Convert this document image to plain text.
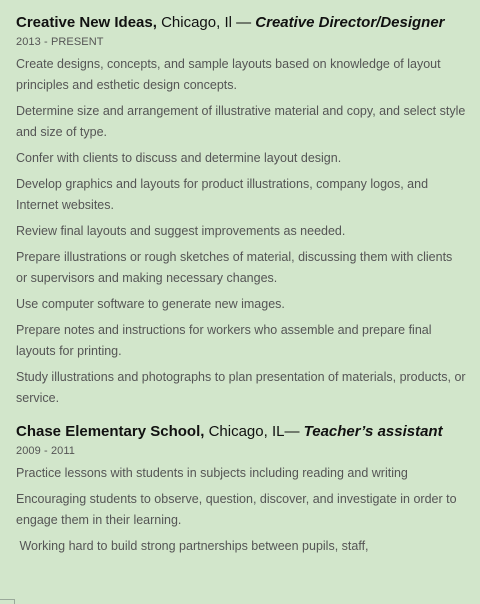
Creative New Ideas, Chicago, Il — Creative Director/Designer

2013 - PRESENT

Create designs, concepts, and sample layouts based on knowledge of layout principles and esthetic design concepts.

Determine size and arrangement of illustrative material and copy, and select style and size of type.

Confer with clients to discuss and determine layout design.

Develop graphics and layouts for product illustrations, company logos, and Internet websites.

Review final layouts and suggest improvements as needed.

Prepare illustrations or rough sketches of material, discussing them with clients or supervisors and making necessary changes.

Use computer software to generate new images.

Prepare notes and instructions for workers who assemble and prepare final layouts for printing.

Study illustrations and photographs to plan presentation of materials, products, or service.

Chase Elementary School, Chicago, IL— Teacher’s assistant

2009 - 2011

Practice lessons with students in subjects including reading and writing

Encouraging students to observe, question, discover, and investigate in order to engage them in their learning.

Working hard to build strong partnerships between pupils, staff,
